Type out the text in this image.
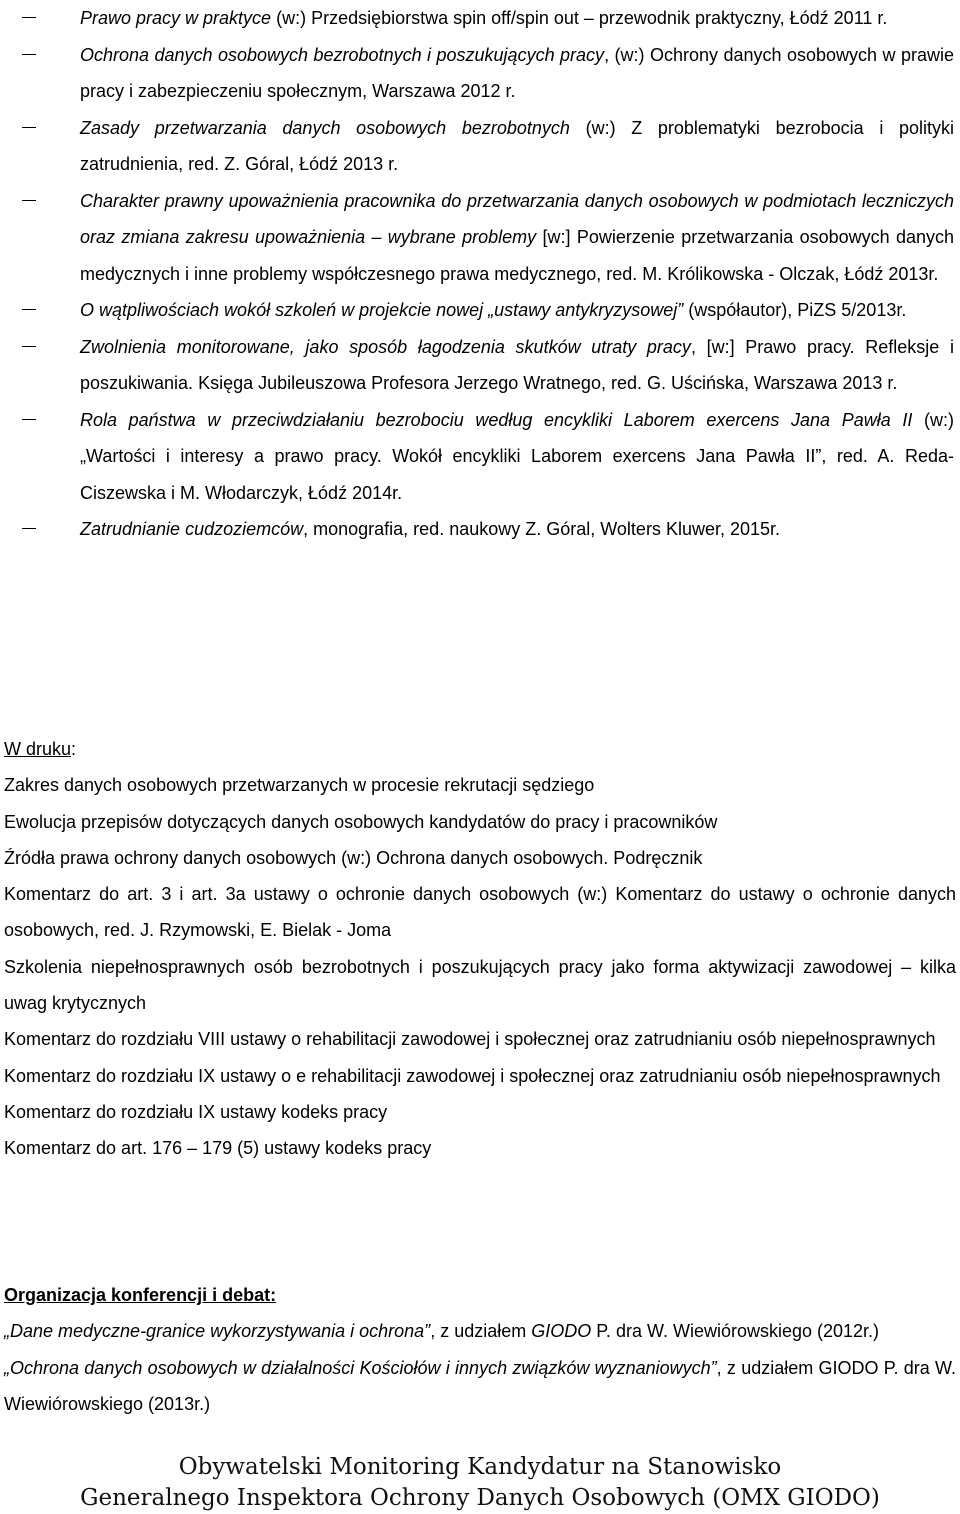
Prawo pracy w praktyce (w:) Przedsiębiorstwa spin off/spin out – przewodnik praktyczny, Łódź 2011 r.
Ochrona danych osobowych bezrobotnych i poszukujących pracy, (w:) Ochrony danych osobowych w prawie pracy i zabezpieczeniu społecznym, Warszawa 2012 r.
Zasady przetwarzania danych osobowych bezrobotnych (w:) Z problematyki bezrobocia i polityki zatrudnienia, red. Z. Góral, Łódź 2013 r.
Charakter prawny upoważnienia pracownika do przetwarzania danych osobowych w podmiotach leczniczych oraz zmiana zakresu upoważnienia – wybrane problemy [w:] Powierzenie przetwarzania osobowych danych medycznych i inne problemy współczesnego prawa medycznego, red. M. Królikowska - Olczak, Łódź 2013r.
O wątpliwościach wokół szkoleń w projekcie nowej „ustawy antykryzysowej” (współautor), PiZS 5/2013r.
Zwolnienia monitorowane, jako sposób łagodzenia skutków utraty pracy, [w:] Prawo pracy. Refleksje i poszukiwania. Księga Jubileuszowa Profesora Jerzego Wratnego, red. G. Uścińska, Warszawa 2013 r.
Rola państwa w przeciwdziałaniu bezrobociu według encykliki Laborem exercens Jana Pawła II (w:) „Wartości i interesy a prawo pracy. Wokół encykliki Laborem exercens Jana Pawła II”, red. A. Reda-Ciszewska i M. Włodarczyk, Łódź 2014r.
Zatrudnianie cudzoziemców, monografia, red. naukowy Z. Góral, Wolters Kluwer, 2015r.

W druku:

Zakres danych osobowych przetwarzanych w procesie rekrutacji sędziego

Ewolucja przepisów dotyczących danych osobowych kandydatów do pracy i pracowników

Źródła prawa ochrony danych osobowych (w:) Ochrona danych osobowych. Podręcznik

Komentarz do art. 3 i art. 3a ustawy o ochronie danych osobowych (w:) Komentarz do ustawy o ochronie danych osobowych, red. J. Rzymowski, E. Bielak - Joma

Szkolenia niepełnosprawnych osób bezrobotnych i poszukujących pracy jako forma aktywizacji zawodowej – kilka uwag krytycznych

Komentarz do rozdziału VIII ustawy o rehabilitacji zawodowej i społecznej oraz zatrudnianiu osób niepełnosprawnych

Komentarz do rozdziału IX ustawy o e rehabilitacji zawodowej i społecznej oraz zatrudnianiu osób niepełnosprawnych

Komentarz do rozdziału IX ustawy kodeks pracy

Komentarz do art. 176 – 179 (5) ustawy kodeks pracy

Organizacja konferencji i debat:

„Dane medyczne-granice wykorzystywania i ochrona”, z udziałem GIODO P. dra W. Wiewiórowskiego (2012r.)

„Ochrona danych osobowych w działalności Kościołów i innych związków wyznaniowych”, z udziałem GIODO P. dra W. Wiewiórowskiego (2013r.)

Obywatelski Monitoring Kandydatur na Stanowisko
Generalnego Inspektora Ochrony Danych Osobowych (OMX GIODO)
